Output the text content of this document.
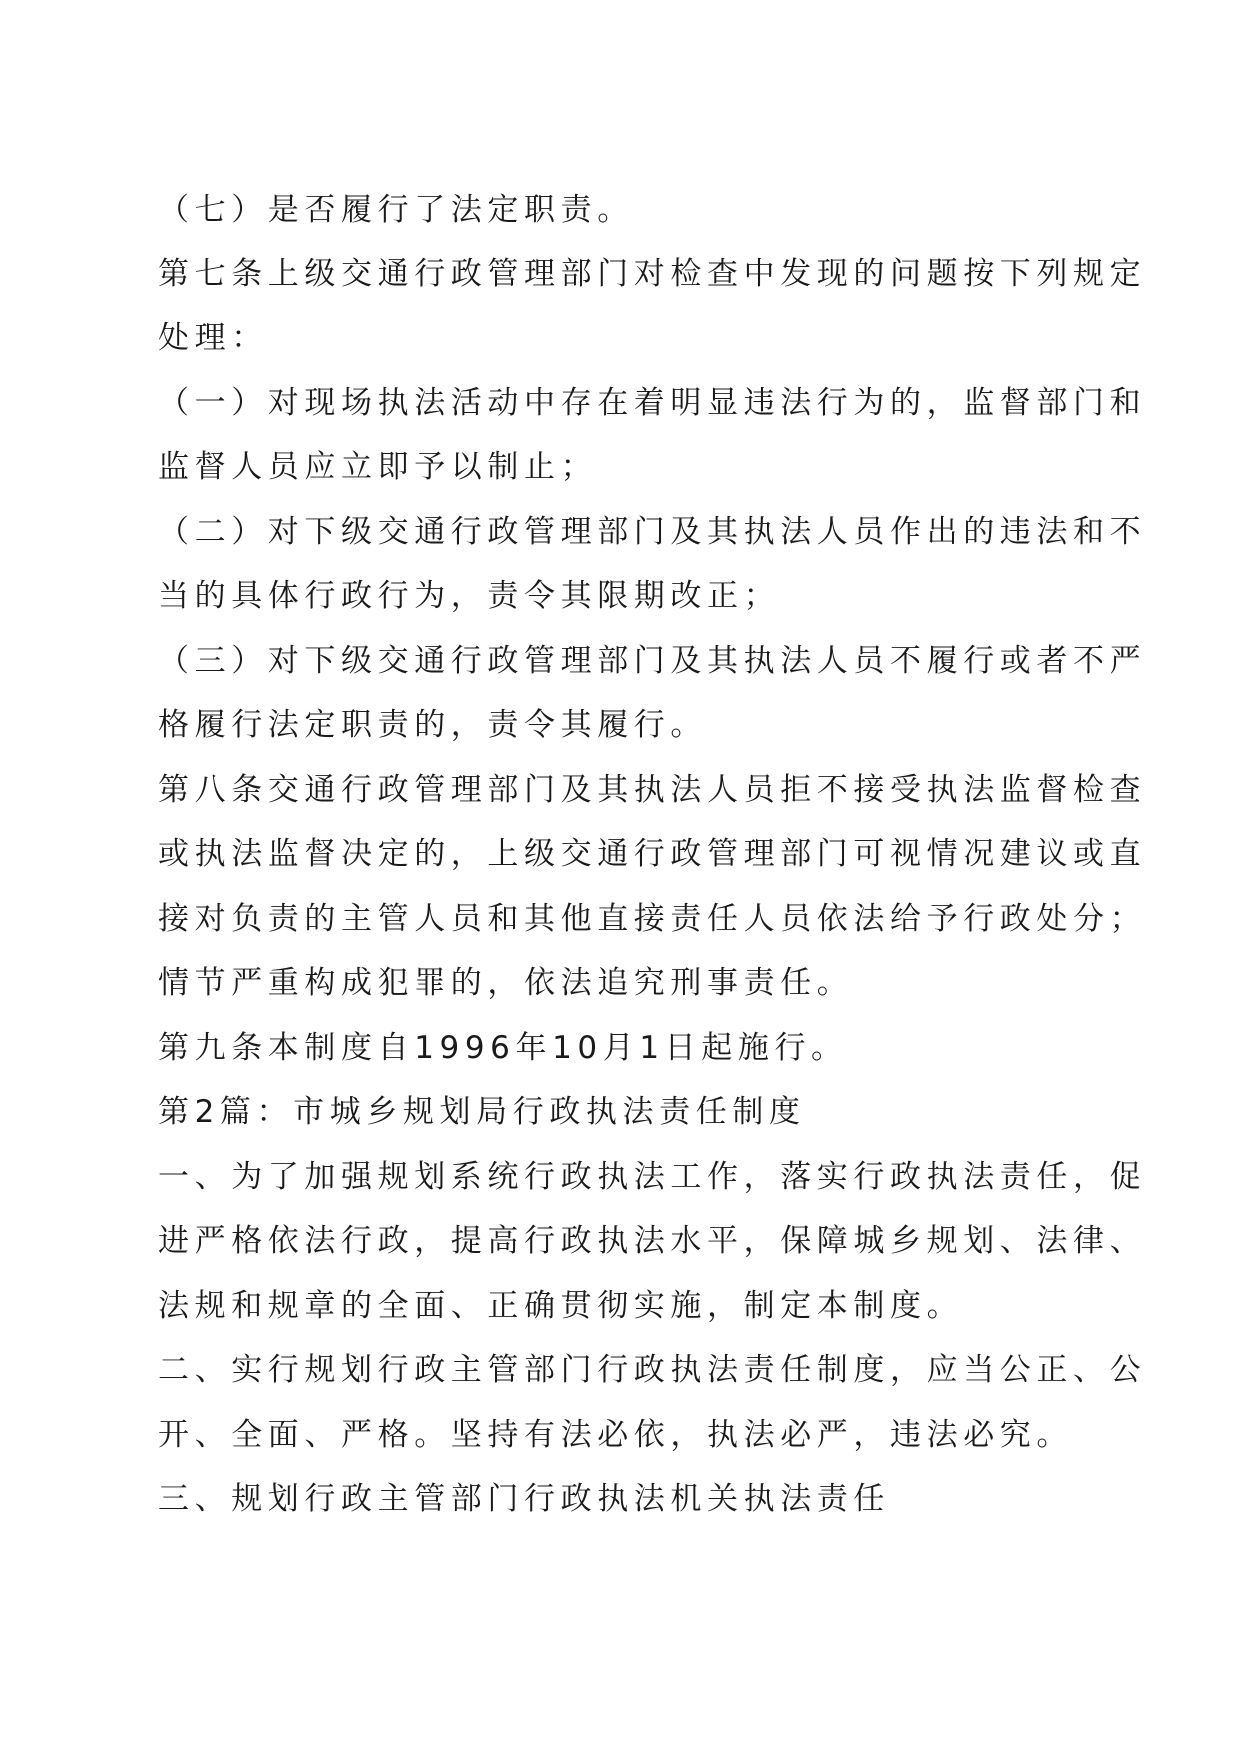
（七）是否履行了法定职责。
第七条上级交通行政管理部门对检查中发现的问题按下列规定
处理：
（一）对现场执法活动中存在着明显违法行为的，监督部门和
监督人员应立即予以制止；
（二）对下级交通行政管理部门及其执法人员作出的违法和不
当的具体行政行为，责令其限期改正；
（三）对下级交通行政管理部门及其执法人员不履行或者不严
格履行法定职责的，责令其履行。
第八条交通行政管理部门及其执法人员拒不接受执法监督检查
或执法监督决定的，上级交通行政管理部门可视情况建议或直
接对负责的主管人员和其他直接责任人员依法给予行政处分；
情节严重构成犯罪的，依法追究刑事责任。
第九条本制度自1996年10月1日起施行。
第2篇：市城乡规划局行政执法责任制度
一、为了加强规划系统行政执法工作，落实行政执法责任，促
进严格依法行政，提高行政执法水平，保障城乡规划、法律、
法规和规章的全面、正确贯彻实施，制定本制度。
二、实行规划行政主管部门行政执法责任制度，应当公正、公
开、全面、严格。坚持有法必依，执法必严，违法必究。
三、规划行政主管部门行政执法机关执法责任
